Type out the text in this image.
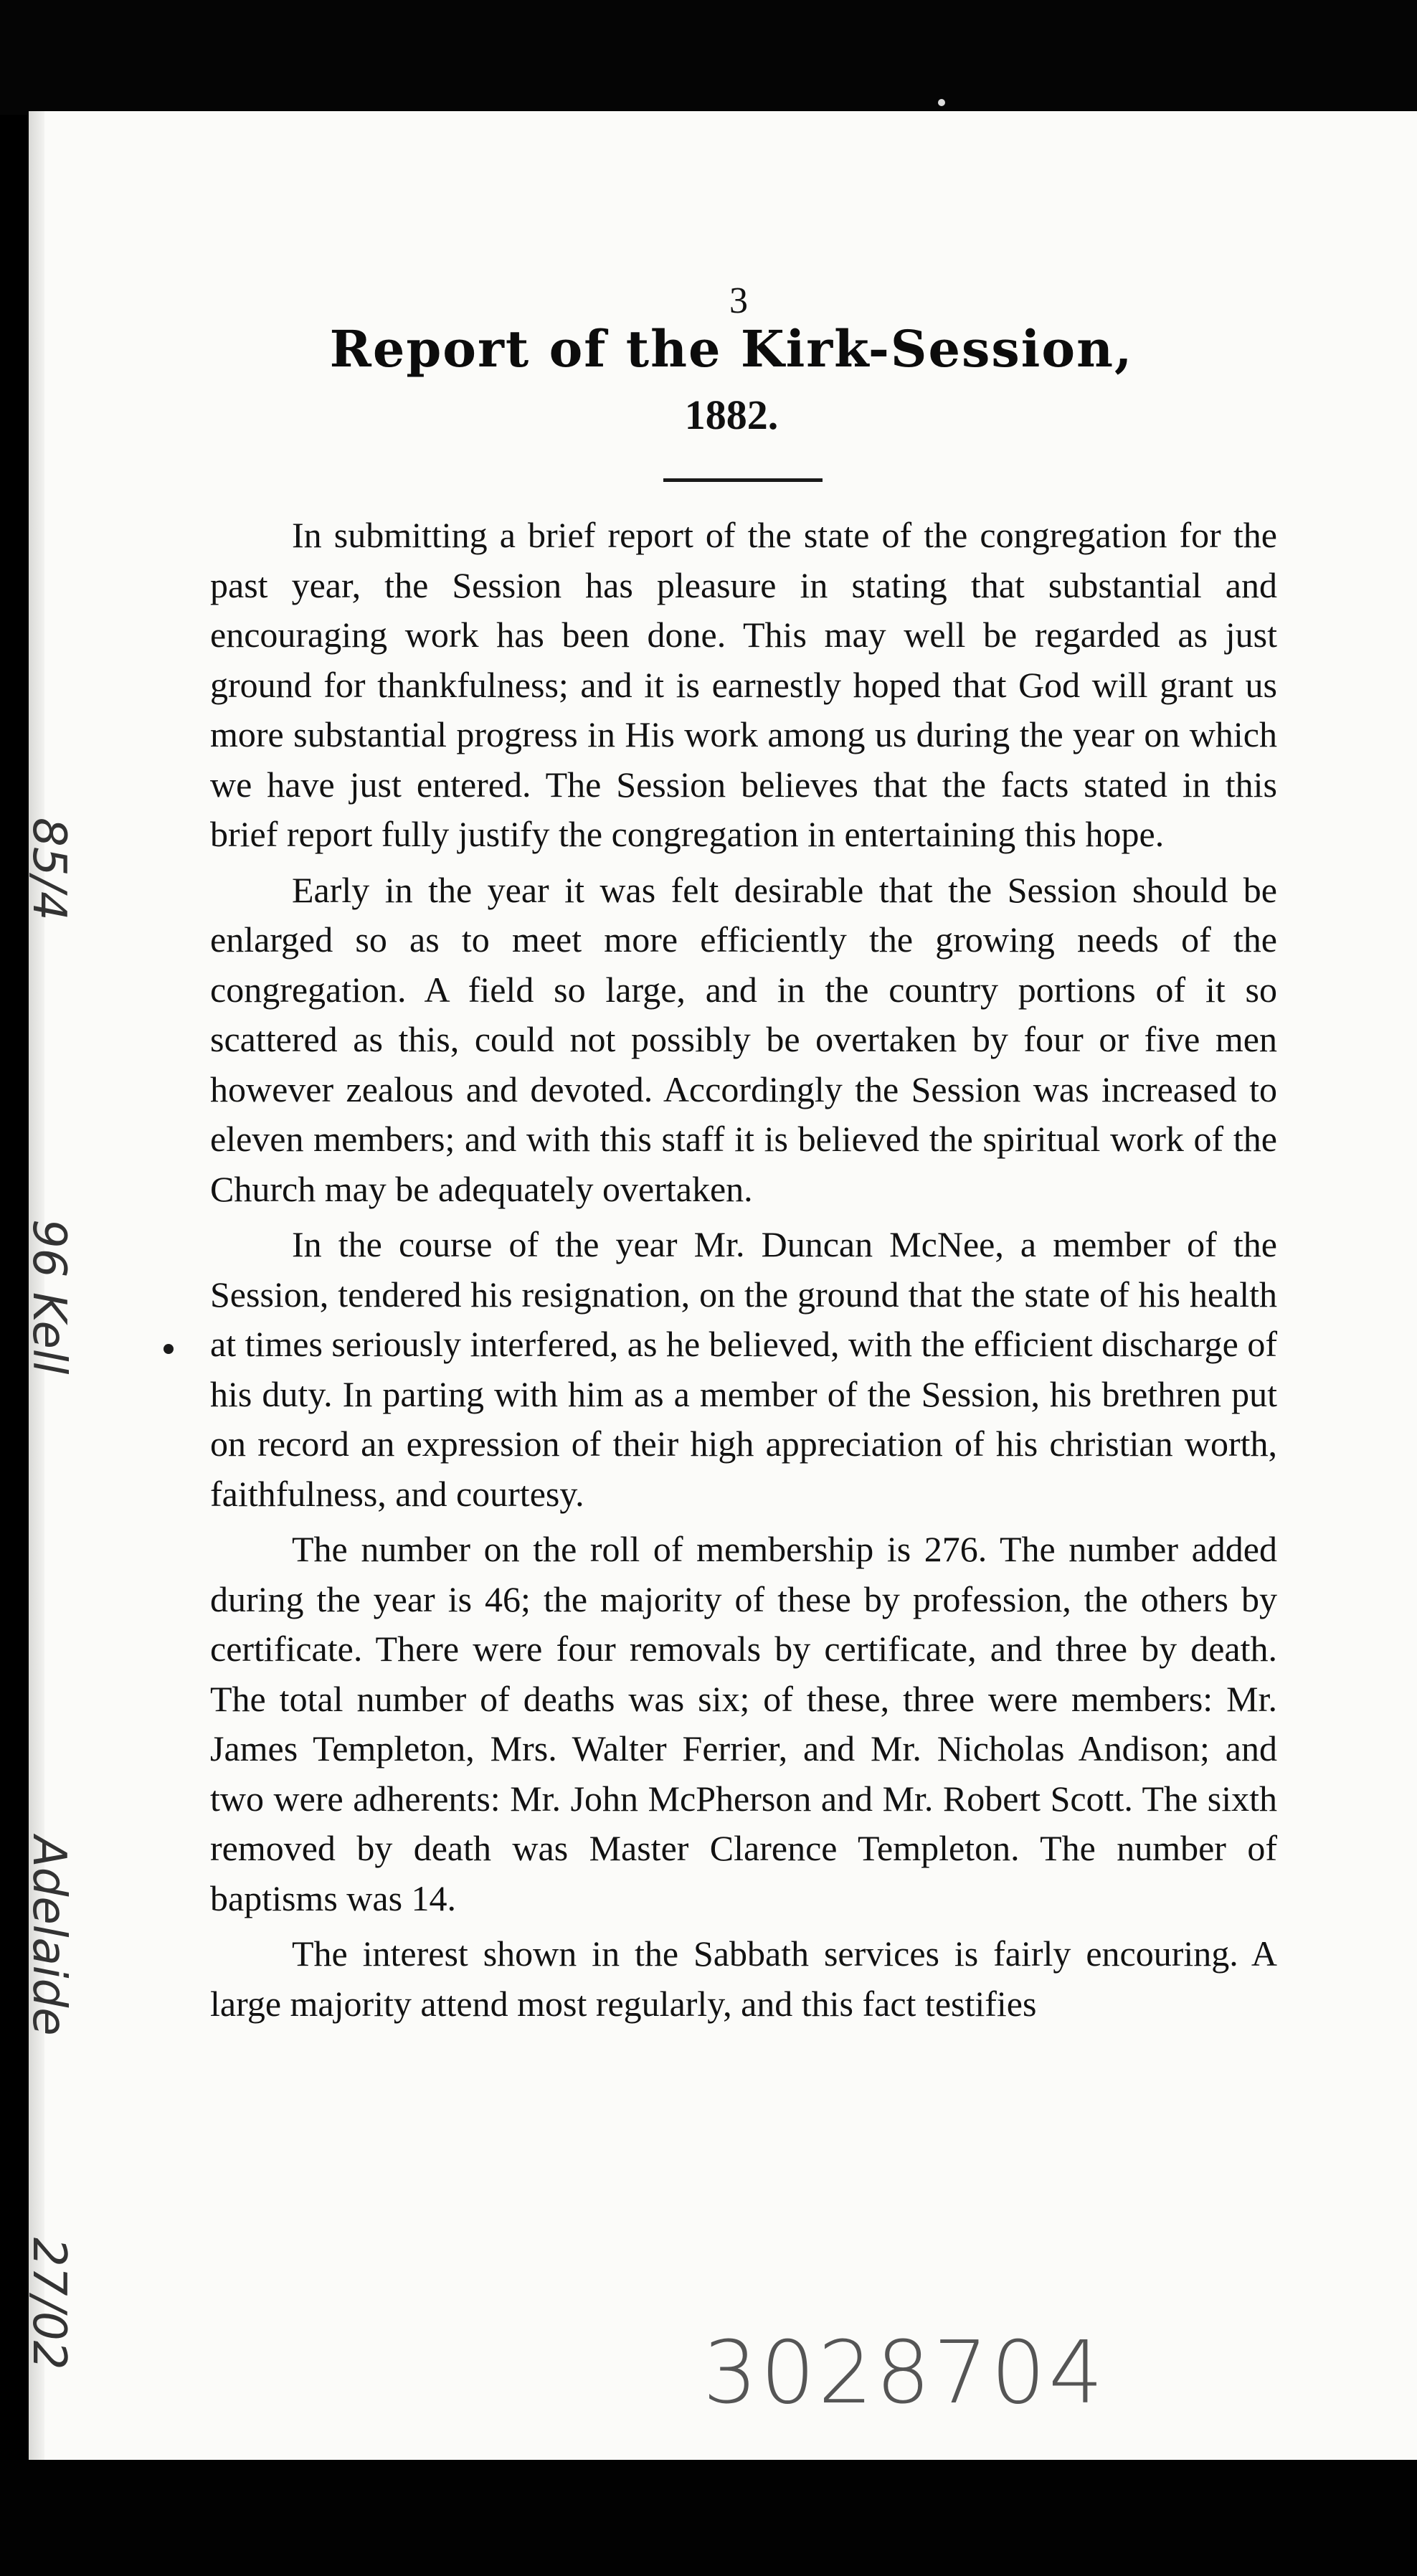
3
Report of the Kirk-Session,
1882.

In submitting a brief report of the state of the congregation for the past year, the Session has pleasure in stating that substantial and encouraging work has been done. This may well be regarded as just ground for thankfulness; and it is earnestly hoped that God will grant us more substantial progress in His work among us during the year on which we have just entered. The Session believes that the facts stated in this brief report fully justify the congregation in entertaining this hope.

Early in the year it was felt desirable that the Session should be enlarged so as to meet more efficiently the growing needs of the congregation. A field so large, and in the country portions of it so scattered as this, could not possibly be overtaken by four or five men however zealous and devoted. Accordingly the Session was increased to eleven members; and with this staff it is believed the spiritual work of the Church may be adequately overtaken.

In the course of the year Mr. Duncan McNee, a member of the Session, tendered his resignation, on the ground that the state of his health at times seriously interfered, as he believed, with the efficient discharge of his duty. In parting with him as a member of the Session, his brethren put on record an expression of their high appreciation of his christian worth, faithfulness, and courtesy.

The number on the roll of membership is 276. The number added during the year is 46; the majority of these by profession, the others by certificate. There were four removals by certificate, and three by death. The total number of deaths was six; of these, three were members: Mr. James Templeton, Mrs. Walter Ferrier, and Mr. Nicholas Andison; and two were adherents: Mr. John McPherson and Mr. Robert Scott. The sixth removed by death was Master Clarence Templeton. The number of baptisms was 14.

The interest shown in the Sabbath services is fairly encouring. A large majority attend most regularly, and this fact testifies

85/4
96 Kell
Adelaide
27/02
3028704
